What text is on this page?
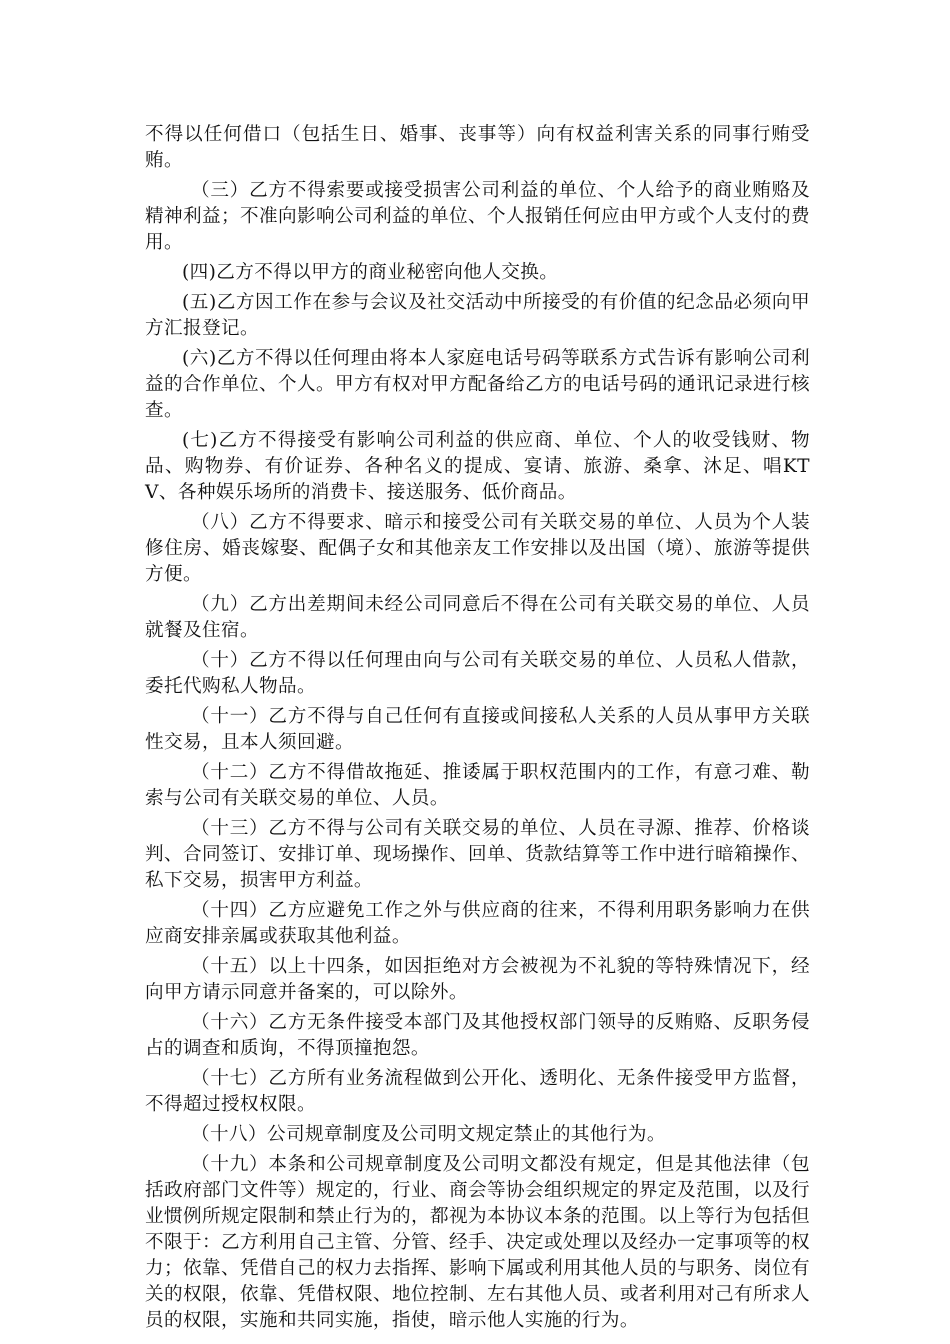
不得以任何借口（包括生日、婚事、丧事等）向有权益利害关系的同事行贿受贿。

（三）乙方不得索要或接受损害公司利益的单位、个人给予的商业贿赂及精神利益；不准向影响公司利益的单位、个人报销任何应由甲方或个人支付的费用。

(四)乙方不得以甲方的商业秘密向他人交换。

(五)乙方因工作在参与会议及社交活动中所接受的有价值的纪念品必须向甲方汇报登记。

(六)乙方不得以任何理由将本人家庭电话号码等联系方式告诉有影响公司利益的合作单位、个人。甲方有权对甲方配备给乙方的电话号码的通讯记录进行核查。

(七)乙方不得接受有影响公司利益的供应商、单位、个人的收受钱财、物品、购物券、有价证券、各种名义的提成、宴请、旅游、桑拿、沐足、唱KTV、各种娱乐场所的消费卡、接送服务、低价商品。

（八）乙方不得要求、暗示和接受公司有关联交易的单位、人员为个人装修住房、婚丧嫁娶、配偶子女和其他亲友工作安排以及出国（境）、旅游等提供方便。

（九）乙方出差期间未经公司同意后不得在公司有关联交易的单位、人员就餐及住宿。

（十）乙方不得以任何理由向与公司有关联交易的单位、人员私人借款，委托代购私人物品。

（十一）乙方不得与自己任何有直接或间接私人关系的人员从事甲方关联性交易，且本人须回避。

（十二）乙方不得借故拖延、推诿属于职权范围内的工作，有意刁难、勒索与公司有关联交易的单位、人员。

（十三）乙方不得与公司有关联交易的单位、人员在寻源、推荐、价格谈判、合同签订、安排订单、现场操作、回单、货款结算等工作中进行暗箱操作、私下交易，损害甲方利益。

（十四）乙方应避免工作之外与供应商的往来，不得利用职务影响力在供应商安排亲属或获取其他利益。

（十五）以上十四条，如因拒绝对方会被视为不礼貌的等特殊情况下，经向甲方请示同意并备案的，可以除外。

（十六）乙方无条件接受本部门及其他授权部门领导的反贿赂、反职务侵占的调查和质询，不得顶撞抱怨。

（十七）乙方所有业务流程做到公开化、透明化、无条件接受甲方监督，不得超过授权权限。

（十八）公司规章制度及公司明文规定禁止的其他行为。

（十九）本条和公司规章制度及公司明文都没有规定，但是其他法律（包括政府部门文件等）规定的，行业、商会等协会组织规定的界定及范围，以及行业惯例所规定限制和禁止行为的，都视为本协议本条的范围。以上等行为包括但不限于：乙方利用自己主管、分管、经手、决定或处理以及经办一定事项等的权力；依靠、凭借自己的权力去指挥、影响下属或利用其他人员的与职务、岗位有关的权限，依靠、凭借权限、地位控制、左右其他人员、或者利用对己有所求人员的权限，实施和共同实施，指使，暗示他人实施的行为。
